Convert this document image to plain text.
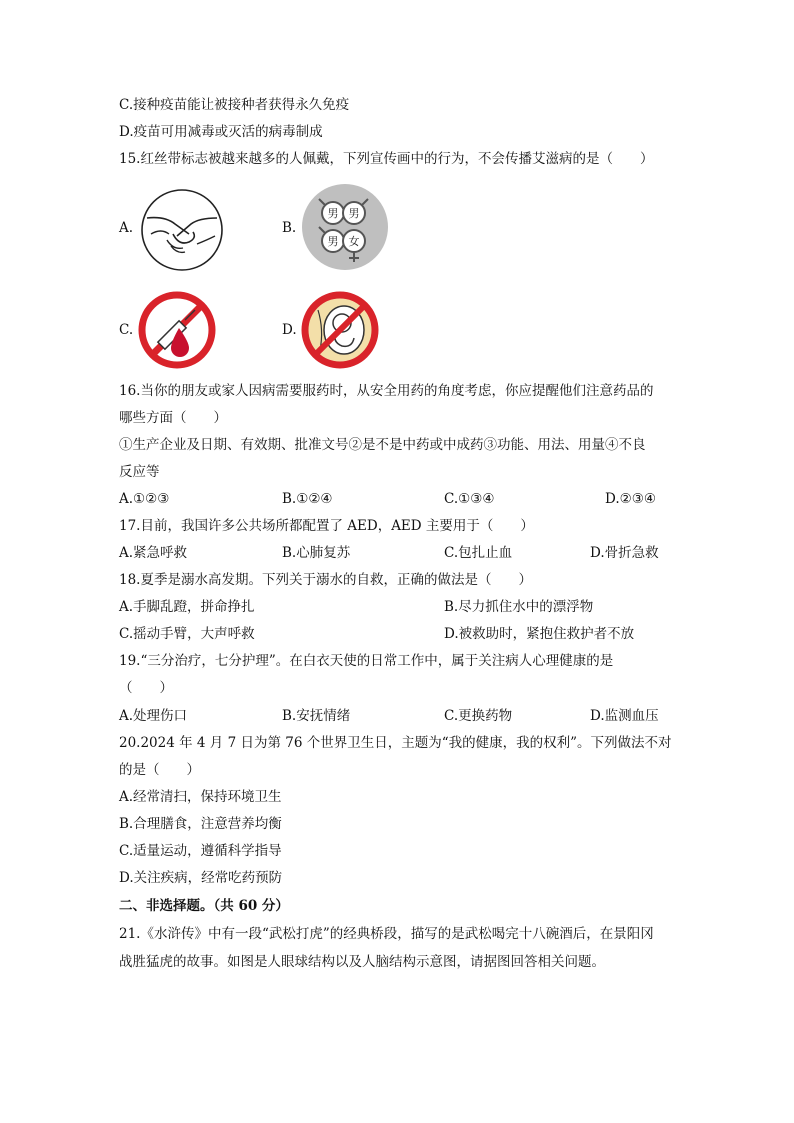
C.接种疫苗能让被接种者获得永久免疫
D.疫苗可用减毒或灭活的病毒制成
15.红丝带标志被越来越多的人佩戴，下列宣传画中的行为，不会传播艾滋病的是（　　）
A.	B.
男 男
男 女
C.	D.
16.当你的朋友或家人因病需要服药时，从安全用药的角度考虑，你应提醒他们注意药品的
哪些方面（　　）
①生产企业及日期、有效期、批准文号②是不是中药或中成药③功能、用法、用量④不良
反应等
A.①②③	B.①②④	C.①③④	D.②③④
17.目前，我国许多公共场所都配置了 AED，AED 主要用于（　　）
A.紧急呼救	B.心肺复苏	C.包扎止血	D.骨折急救
18.夏季是溺水高发期。下列关于溺水的自救，正确的做法是（　　）
A.手脚乱蹬，拼命挣扎	B.尽力抓住水中的漂浮物
C.摇动手臂，大声呼救	D.被救助时，紧抱住救护者不放
19.“三分治疗，七分护理”。在白衣天使的日常工作中，属于关注病人心理健康的是
（　　）
A.处理伤口	B.安抚情绪	C.更换药物	D.监测血压
20.2024 年 4 月 7 日为第 76 个世界卫生日，主题为“我的健康，我的权利”。下列做法不对
的是（　　）
A.经常清扫，保持环境卫生
B.合理膳食，注意营养均衡
C.适量运动，遵循科学指导
D.关注疾病，经常吃药预防
二、非选择题。（共 60 分）
21.《水浒传》中有一段“武松打虎”的经典桥段，描写的是武松喝完十八碗酒后，在景阳冈
战胜猛虎的故事。如图是人眼球结构以及人脑结构示意图，请据图回答相关问题。
